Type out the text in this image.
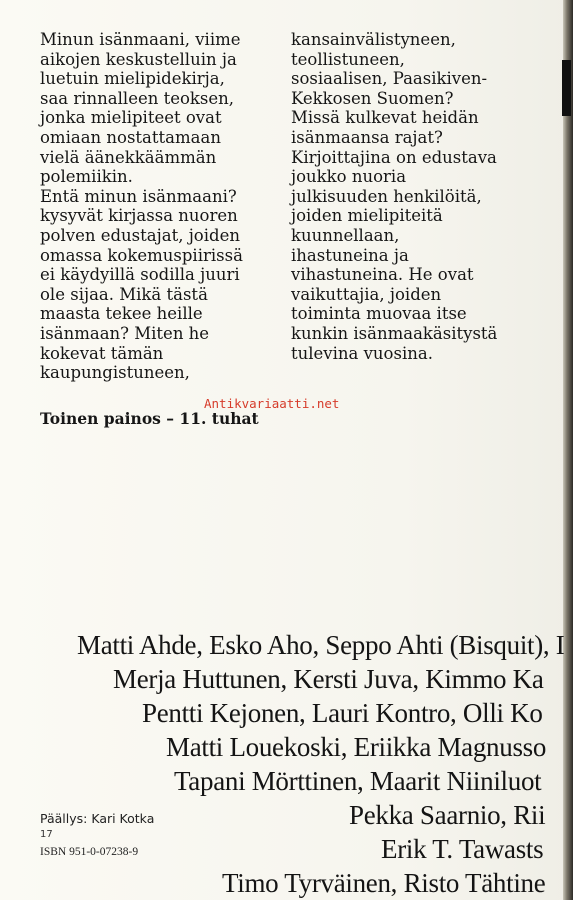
Minun isänmaani, viime
aikojen keskustelluin ja
luetuin mielipidekirja,
saa rinnalleen teoksen,
jonka mielipiteet ovat
omiaan nostattamaan
vielä äänekkäämmän
polemiikin.
Entä minun isänmaani?
kysyvät kirjassa nuoren
polven edustajat, joiden
omassa kokemuspiirissä
ei käydyillä sodilla juuri
ole sijaa. Mikä tästä
maasta tekee heille
isänmaan? Miten he
kokevat tämän
kaupungistuneen,
kansainvälistyneen,
teollistuneen,
sosiaalisen, Paasikiven-
Kekkosen Suomen?
Missä kulkevat heidän
isänmaansa rajat?
Kirjoittajina on edustava
joukko nuoria
julkisuuden henkilöitä,
joiden mielipiteitä
kuunnellaan,
ihastuneina ja
vihastuneina. He ovat
vaikuttajia, joiden
toiminta muovaa itse
kunkin isänmaakäsitystä
tulevina vuosina.
Toinen painos – 11. tuhat
Antikvariaatti.net
Matti Ahde, Esko Aho, Seppo Ahti (Bisquit), I
Merja Huttunen, Kersti Juva, Kimmo Ka
Pentti Kejonen, Lauri Kontro, Olli Ko
Matti Louekoski, Eriikka Magnusso
Tapani Mörttinen, Maarit Niiniluot
Pekka Saarnio, Rii
Erik T. Tawasts
Timo Tyrväinen, Risto Tähtine
Päällys: Kari Kotka
17
ISBN 951-0-07238-9
